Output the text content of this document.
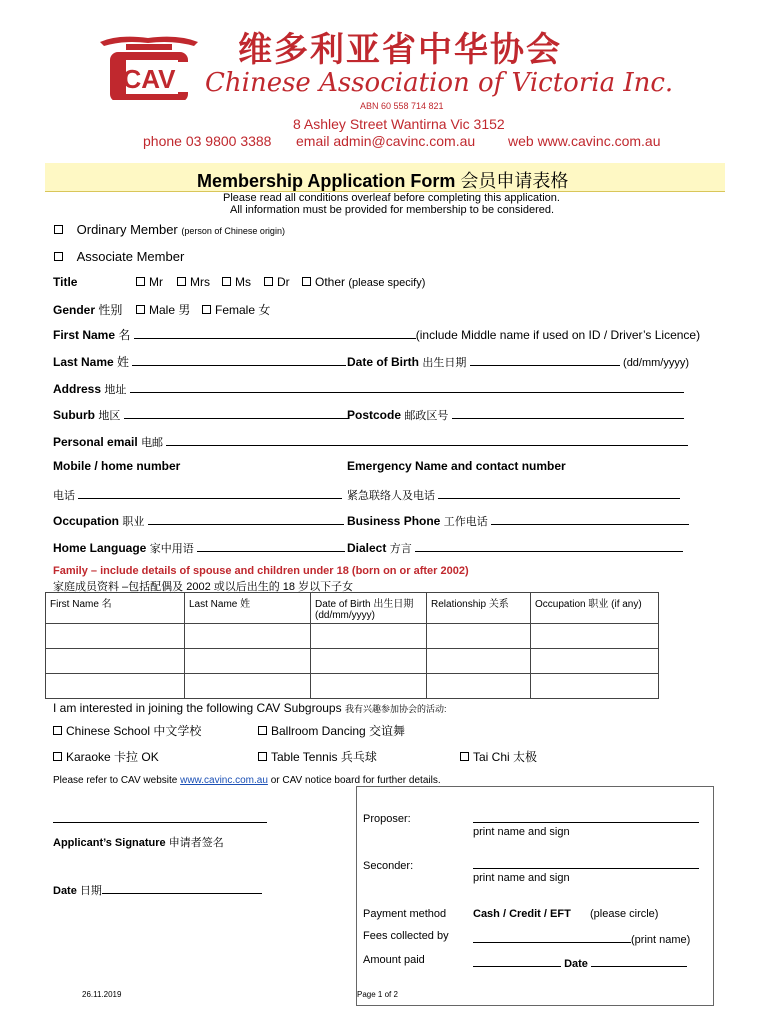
CAV
维多利亚省中华协会
Chinese Association of Victoria Inc.
ABN 60 558 714 821
8 Ashley Street Wantirna Vic 3152
phone 03 9800 3388 email admin@cavinc.com.au web www.cavinc.com.au
Membership Application Form 会员申请表格
Please read all conditions overleaf before completing this application.
All information must be provided for membership to be considered.
Ordinary Member (person of Chinese origin)
Associate Member
Title	Mr	Mrs	Ms	Dr	Other (please specify)
Gender 性别	Male 男	Female 女
First Name 名	(include Middle name if used on ID / Driver’s Licence)
Last Name 姓	Date of Birth 出生日期	(dd/mm/yyyy)
Address 地址
Suburb 地区	Postcode 邮政区号
Personal email 电邮
Mobile / home number	Emergency Name and contact number
电话	紧急联络人及电话
Occupation 职业	Business Phone 工作电话
Home Language 家中用语	Dialect 方言
Family – include details of spouse and children under 18 (born on or after 2002)
家庭成员资料 –包括配偶及 2002 或以后出生的 18 岁以下子女
First Name 名	Last Name 姓	Date of Birth 出生日期 (dd/mm/yyyy)	Relationship 关系	Occupation 职业 (if any)

I am interested in joining the following CAV Subgroups 我有兴趣参加协会的活动:
Chinese School 中文学校	Ballroom Dancing 交谊舞
Karaoke 卡拉 OK	Table Tennis 兵乓球	Tai Chi 太极
Please refer to CAV website www.cavinc.com.au or CAV notice board for further details.
Applicant’s Signature 申请者签名
Date 日期
Proposer:
print name and sign
Seconder:
print name and sign
Payment method Cash / Credit / EFT (please circle)
Fees collected by	(print name)
Amount paid	Date
26.11.2019	Page 1 of 2
